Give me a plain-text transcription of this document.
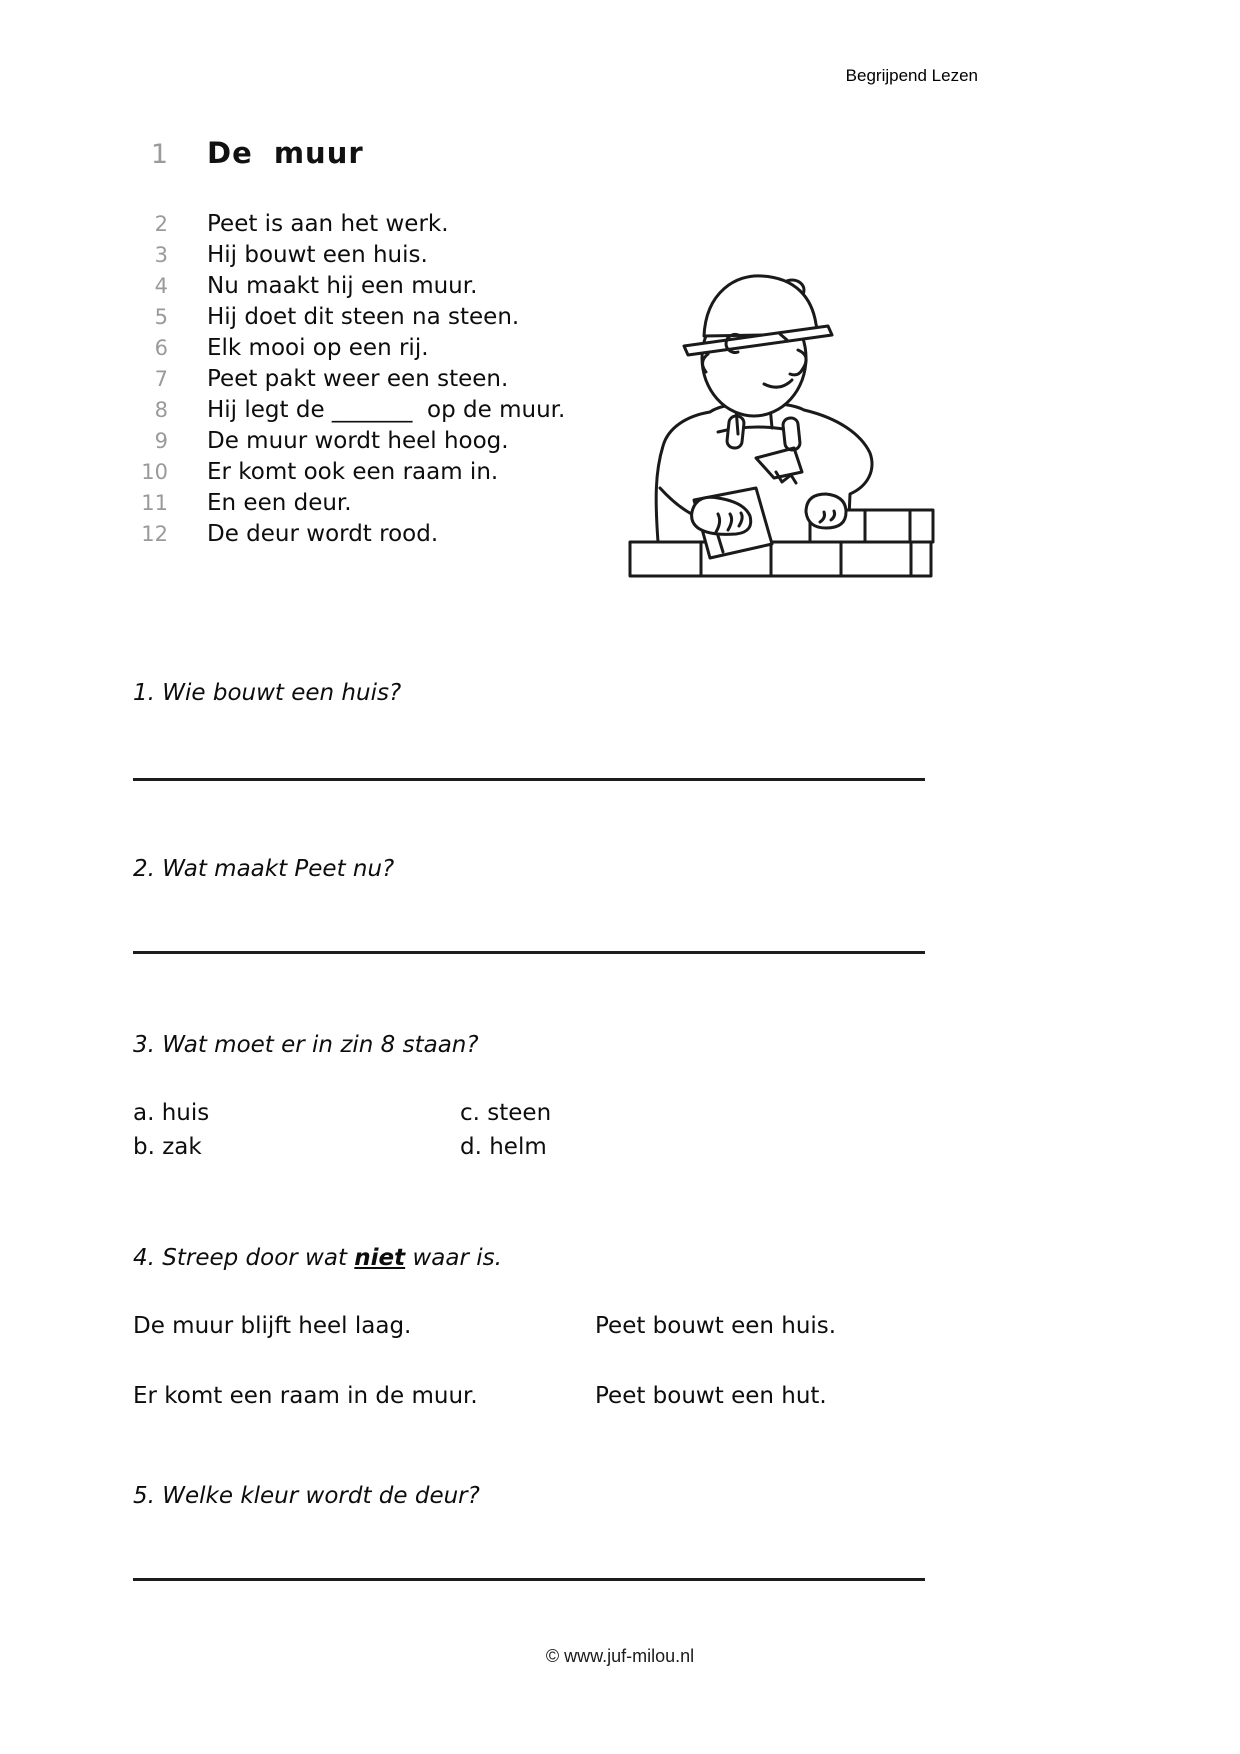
Begrijpend Lezen
1 De muur
2 Peet is aan het werk.
3 Hij bouwt een huis.
4 Nu maakt hij een muur.
5 Hij doet dit steen na steen.
6 Elk mooi op een rij.
7 Peet pakt weer een steen.
8 Hij legt de _______  op de muur.
9 De muur wordt heel hoog.
10 Er komt ook een raam in.
11 En een deur.
12 De deur wordt rood.
1. Wie bouwt een huis?
2. Wat maakt Peet nu?
3. Wat moet er in zin 8 staan?
a. huis
b. zak
c. steen
d. helm
4. Streep door wat niet waar is.
De muur blijft heel laag.	Peet bouwt een huis.
Er komt een raam in de muur.	Peet bouwt een hut.
5. Welke kleur wordt de deur?
© www.juf-milou.nl
